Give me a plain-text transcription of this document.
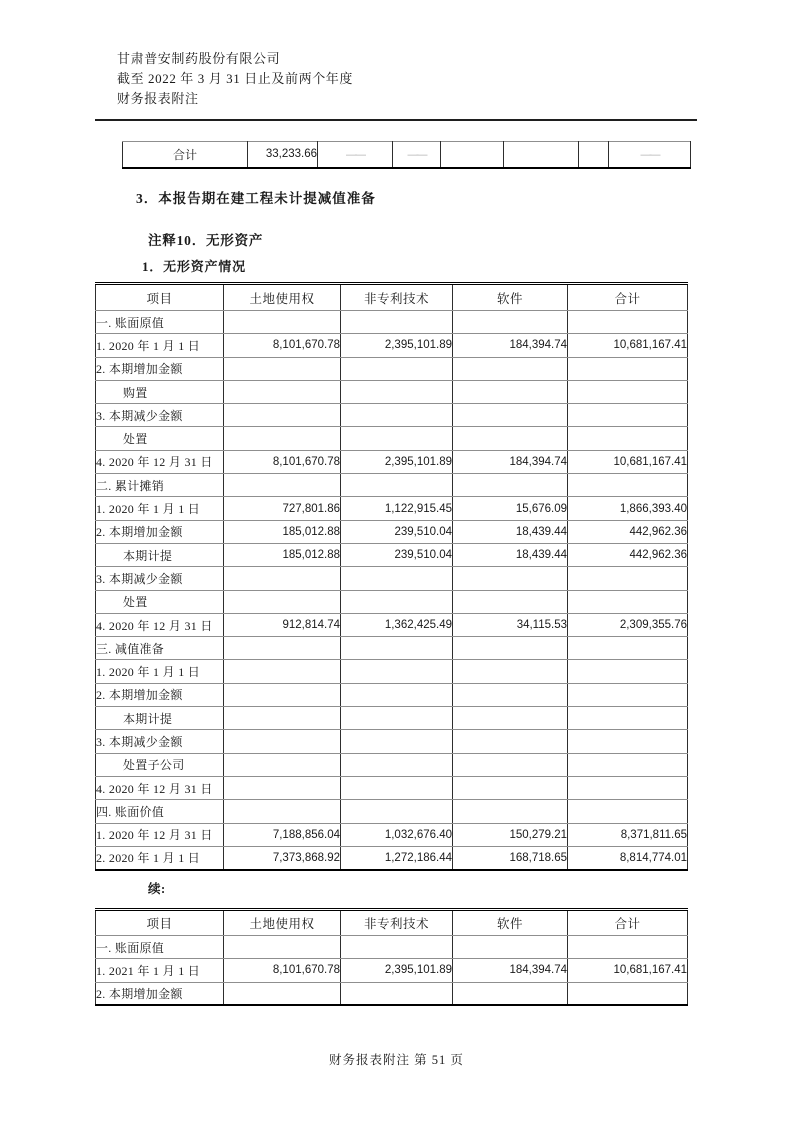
甘肃普安制药股份有限公司
截至 2022 年 3 月 31 日止及前两个年度
财务报表附注
合计	33,233.66	——	——				——
3．本报告期在建工程未计提减值准备
注释10．无形资产
1．无形资产情况
项目	土地使用权	非专利技术	软件	合计
一. 账面原值				
1. 2020 年 1 月 1 日	8,101,670.78	2,395,101.89	184,394.74	10,681,167.41
2. 本期增加金额				
购置				
3. 本期减少金额				
处置				
4. 2020 年 12 月 31 日	8,101,670.78	2,395,101.89	184,394.74	10,681,167.41
二. 累计摊销				
1. 2020 年 1 月 1 日	727,801.86	1,122,915.45	15,676.09	1,866,393.40
2. 本期增加金额	185,012.88	239,510.04	18,439.44	442,962.36
本期计提	185,012.88	239,510.04	18,439.44	442,962.36
3. 本期减少金额				
处置				
4. 2020 年 12 月 31 日	912,814.74	1,362,425.49	34,115.53	2,309,355.76
三. 减值准备				
1. 2020 年 1 月 1 日				
2. 本期增加金额				
本期计提				
3. 本期减少金额				
处置子公司				
4. 2020 年 12 月 31 日				
四. 账面价值				
1. 2020 年 12 月 31 日	7,188,856.04	1,032,676.40	150,279.21	8,371,811.65
2. 2020 年 1 月 1 日	7,373,868.92	1,272,186.44	168,718.65	8,814,774.01
续:
项目	土地使用权	非专利技术	软件	合计
一. 账面原值				
1. 2021 年 1 月 1 日	8,101,670.78	2,395,101.89	184,394.74	10,681,167.41
2. 本期增加金额				
财务报表附注 第 51 页
